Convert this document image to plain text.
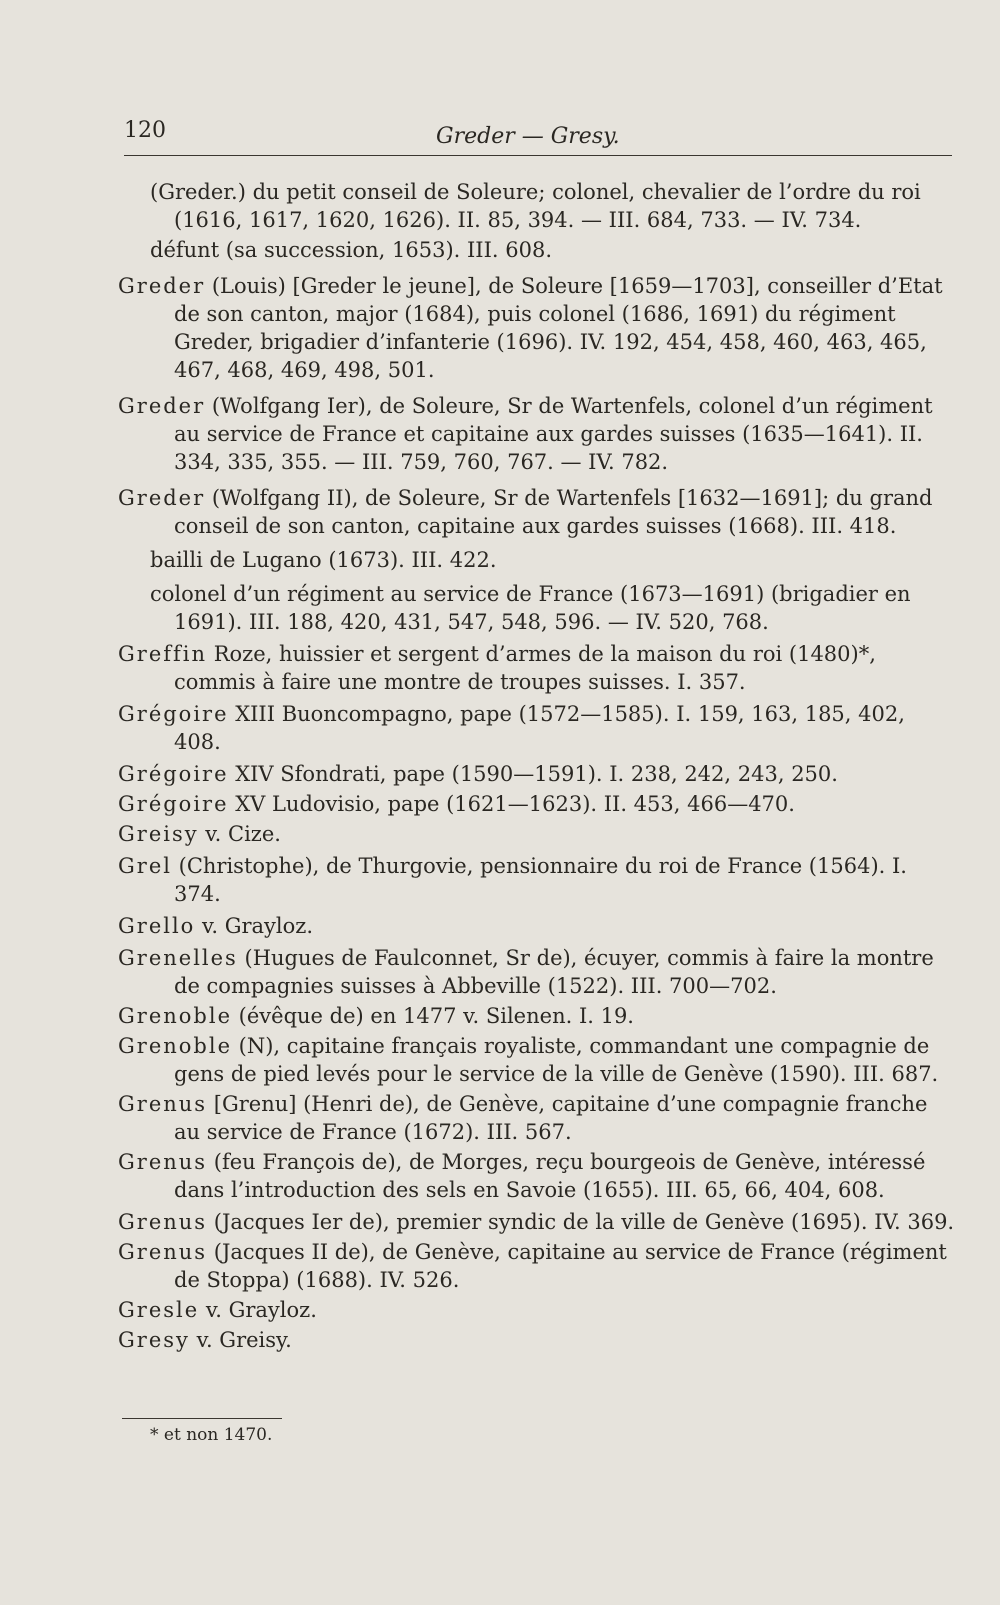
120	Greder — Gresy.

(Greder.) du petit conseil de Soleure; colonel, chevalier de l’ordre du roi (1616, 1617, 1620, 1626). II. 85, 394. — III. 684, 733. — IV. 734.

défunt (sa succession, 1653). III. 608.

Greder (Louis) [Greder le jeune], de Soleure [1659—1703], conseiller d’Etat de son canton, major (1684), puis colonel (1686, 1691) du régiment Greder, brigadier d’infanterie (1696). IV. 192, 454, 458, 460, 463, 465, 467, 468, 469, 498, 501.

Greder (Wolfgang Ier), de Soleure, Sr de Wartenfels, colonel d’un régiment au service de France et capitaine aux gardes suisses (1635—1641). II. 334, 335, 355. — III. 759, 760, 767. — IV. 782.

Greder (Wolfgang II), de Soleure, Sr de Wartenfels [1632—1691]; du grand conseil de son canton, capitaine aux gardes suisses (1668). III. 418.

bailli de Lugano (1673). III. 422.

colonel d’un régiment au service de France (1673—1691) (brigadier en 1691). III. 188, 420, 431, 547, 548, 596. — IV. 520, 768.

Greffin Roze, huissier et sergent d’armes de la maison du roi (1480)*, commis à faire une montre de troupes suisses. I. 357.

Grégoire XIII Buoncompagno, pape (1572—1585). I. 159, 163, 185, 402, 408.

Grégoire XIV Sfondrati, pape (1590—1591). I. 238, 242, 243, 250.

Grégoire XV Ludovisio, pape (1621—1623). II. 453, 466—470.

Greisy v. Cize.

Grel (Christophe), de Thurgovie, pensionnaire du roi de France (1564). I. 374.

Grello v. Grayloz.

Grenelles (Hugues de Faulconnet, Sr de), écuyer, commis à faire la montre de compagnies suisses à Abbeville (1522). III. 700—702.

Grenoble (évêque de) en 1477 v. Silenen. I. 19.

Grenoble (N), capitaine français royaliste, commandant une compagnie de gens de pied levés pour le service de la ville de Genève (1590). III. 687.

Grenus [Grenu] (Henri de), de Genève, capitaine d’une compagnie franche au service de France (1672). III. 567.

Grenus (feu François de), de Morges, reçu bourgeois de Genève, intéressé dans l’introduction des sels en Savoie (1655). III. 65, 66, 404, 608.

Grenus (Jacques Ier de), premier syndic de la ville de Genève (1695). IV. 369.

Grenus (Jacques II de), de Genève, capitaine au service de France (régiment de Stoppa) (1688). IV. 526.

Gresle v. Grayloz.

Gresy v. Greisy.

* et non 1470.
